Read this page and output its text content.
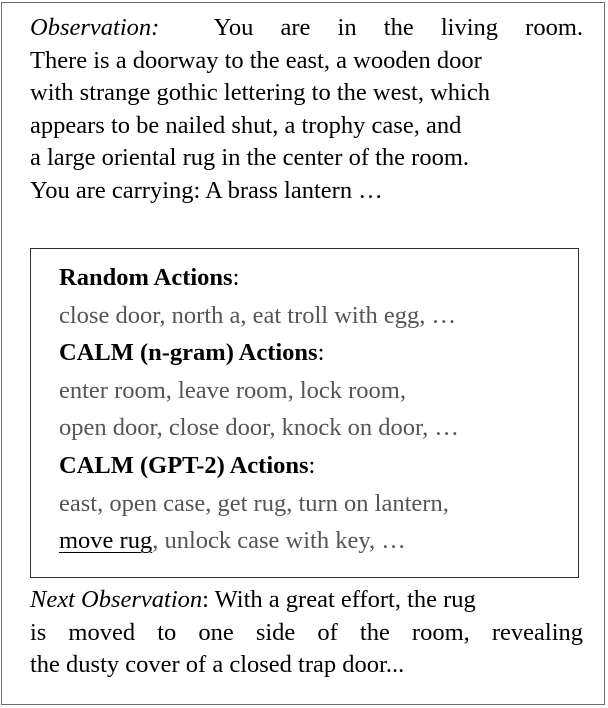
Observation: You are in the living room.
There is a doorway to the east, a wooden door
with strange gothic lettering to the west, which
appears to be nailed shut, a trophy case, and
a large oriental rug in the center of the room.
You are carrying: A brass lantern …
Random Actions:
close door, north a, eat troll with egg, …
CALM (n-gram) Actions:
enter room, leave room, lock room,
open door, close door, knock on door, …
CALM (GPT-2) Actions:
east, open case, get rug, turn on lantern,
move rug, unlock case with key, …
Next Observation: With a great effort, the rug
is moved to one side of the room, revealing
the dusty cover of a closed trap door...
